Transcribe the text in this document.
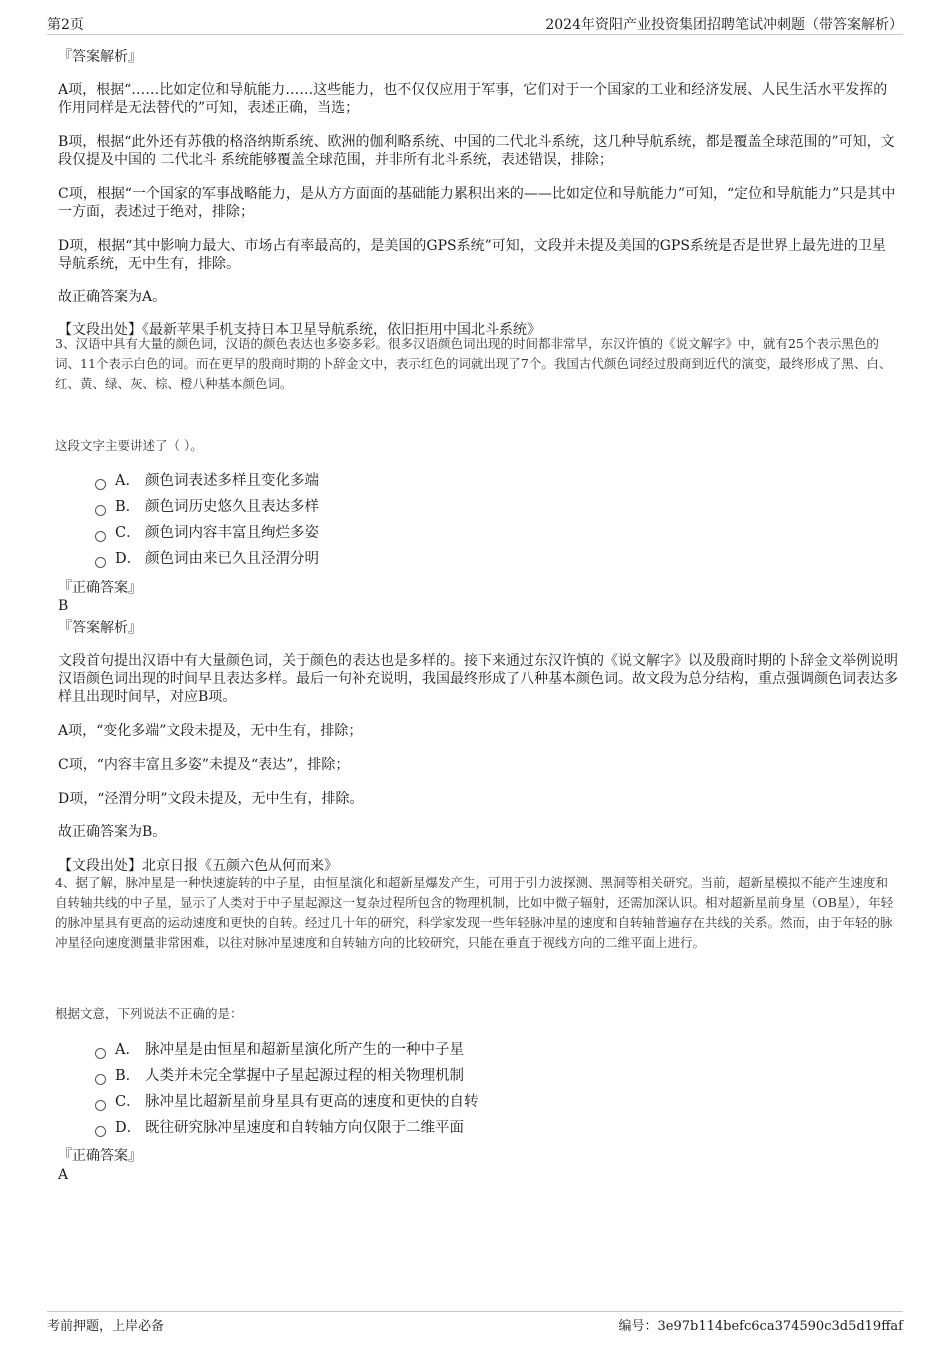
第2页	2024年资阳产业投资集团招聘笔试冲刺题（带答案解析）
『答案解析』
A项，根据“……比如定位和导航能力……这些能力，也不仅仅应用于军事，它们对于一个国家的工业和经济发展、人民生活水平发挥的作用同样是无法替代的”可知，表述正确，当选；
B项，根据“此外还有苏俄的格洛纳斯系统、欧洲的伽利略系统、中国的二代北斗系统，这几种导航系统，都是覆盖全球范围的”可知，文段仅提及中国的 二代北斗 系统能够覆盖全球范围，并非所有北斗系统，表述错误，排除；
C项，根据“一个国家的军事战略能力，是从方方面面的基础能力累积出来的——比如定位和导航能力”可知，“定位和导航能力”只是其中一方面，表述过于绝对，排除；
D项，根据“其中影响力最大、市场占有率最高的，是美国的GPS系统”可知，文段并未提及美国的GPS系统是否是世界上最先进的卫星导航系统，无中生有，排除。
故正确答案为A。
【文段出处】《最新苹果手机支持日本卫星导航系统，依旧拒用中国北斗系统》
3、汉语中具有大量的颜色词，汉语的颜色表达也多姿多彩。很多汉语颜色词出现的时间都非常早，东汉许慎的《说文解字》中，就有25个表示黑色的词、11个表示白色的词。而在更早的殷商时期的卜辞金文中，表示红色的词就出现了7个。我国古代颜色词经过殷商到近代的演变，最终形成了黑、白、红、黄、绿、灰、棕、橙八种基本颜色词。
这段文字主要讲述了（ ）。
A． 颜色词表述多样且变化多端
B． 颜色词历史悠久且表达多样
C． 颜色词内容丰富且绚烂多姿
D． 颜色词由来已久且泾渭分明
『正确答案』
B
『答案解析』
文段首句提出汉语中有大量颜色词，关于颜色的表达也是多样的。接下来通过东汉许慎的《说文解字》以及殷商时期的卜辞金文举例说明汉语颜色词出现的时间早且表达多样。最后一句补充说明，我国最终形成了八种基本颜色词。故文段为总分结构，重点强调颜色词表达多样且出现时间早，对应B项。
A项，“变化多端”文段未提及，无中生有，排除；
C项，“内容丰富且多姿”未提及“表达”，排除；
D项，“泾渭分明”文段未提及，无中生有，排除。
故正确答案为B。
【文段出处】北京日报《五颜六色从何而来》
4、据了解，脉冲星是一种快速旋转的中子星，由恒星演化和超新星爆发产生，可用于引力波探测、黑洞等相关研究。当前，超新星模拟不能产生速度和自转轴共线的中子星，显示了人类对于中子星起源这一复杂过程所包含的物理机制，比如中微子辐射，还需加深认识。相对超新星前身星（OB星），年轻的脉冲星具有更高的运动速度和更快的自转。经过几十年的研究，科学家发现一些年轻脉冲星的速度和自转轴普遍存在共线的关系。然而，由于年轻的脉冲星径向速度测量非常困难，以往对脉冲星速度和自转轴方向的比较研究，只能在垂直于视线方向的二维平面上进行。
根据文意，下列说法不正确的是：
A． 脉冲星是由恒星和超新星演化所产生的一种中子星
B． 人类并未完全掌握中子星起源过程的相关物理机制
C． 脉冲星比超新星前身星具有更高的速度和更快的自转
D． 既往研究脉冲星速度和自转轴方向仅限于二维平面
『正确答案』
A
考前押题，上岸必备	编号：3e97b114befc6ca374590c3d5d19ffaf
